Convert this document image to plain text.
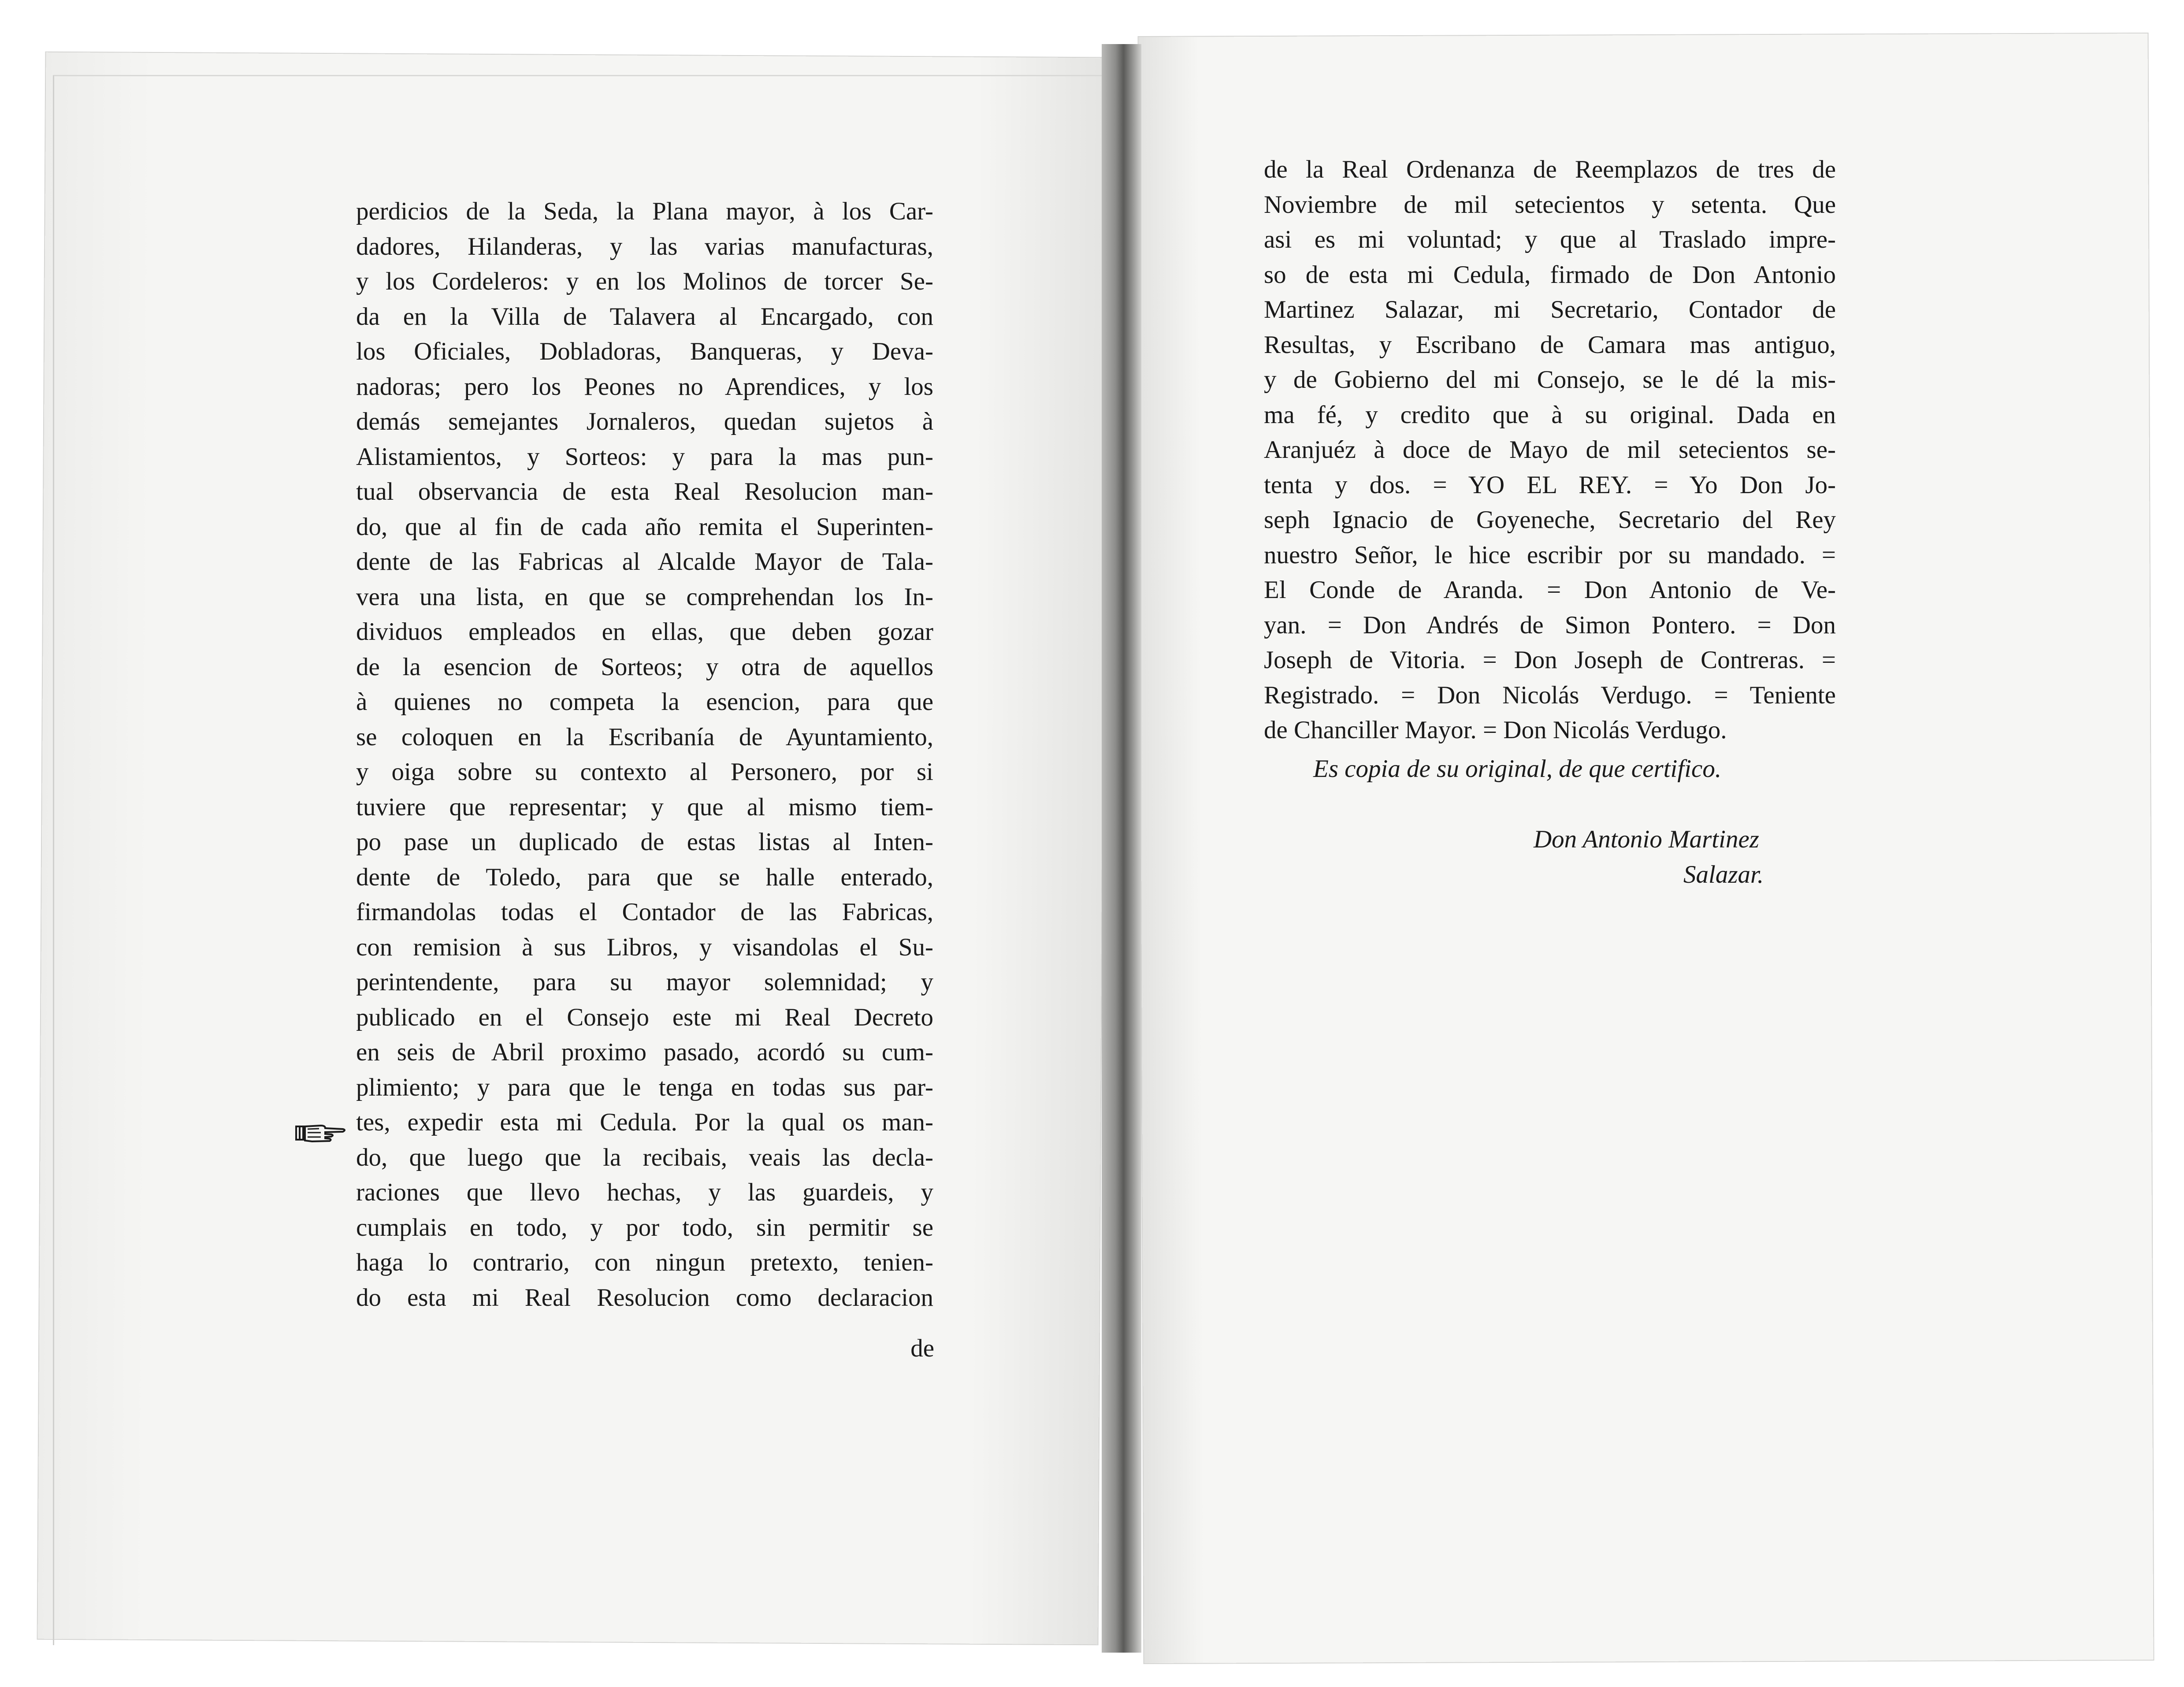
perdicios de la Seda, la Plana mayor, à los Car-
dadores, Hilanderas, y las varias manufacturas,
y los Cordeleros: y en los Molinos de torcer Se-
da en la Villa de Talavera al Encargado, con
los Oficiales, Dobladoras, Banqueras, y Deva-
nadoras; pero los Peones no Aprendices, y los
demás semejantes Jornaleros, quedan sujetos à
Alistamientos, y Sorteos: y para la mas pun-
tual observancia de esta Real Resolucion man-
do, que al fin de cada año remita el Superinten-
dente de las Fabricas al Alcalde Mayor de Tala-
vera una lista, en que se comprehendan los In-
dividuos empleados en ellas, que deben gozar
de la esencion de Sorteos; y otra de aquellos
à quienes no competa la esencion, para que
se coloquen en la Escribanía de Ayuntamiento,
y oiga sobre su contexto al Personero, por si
tuviere que representar; y que al mismo tiem-
po pase un duplicado de estas listas al Inten-
dente de Toledo, para que se halle enterado,
firmandolas todas el Contador de las Fabricas,
con remision à sus Libros, y visandolas el Su-
perintendente, para su mayor solemnidad; y
publicado en el Consejo este mi Real Decreto
en seis de Abril proximo pasado, acordó su cum-
plimiento; y para que le tenga en todas sus par-
tes, expedir esta mi Cedula. Por la qual os man-
do, que luego que la recibais, veais las decla-
raciones que llevo hechas, y las guardeis, y
cumplais en todo, y por todo, sin permitir se
haga lo contrario, con ningun pretexto, tenien-
do esta mi Real Resolucion como declaracion
de
de la Real Ordenanza de Reemplazos de tres de
Noviembre de mil setecientos y setenta. Que
asi es mi voluntad; y que al Traslado impre-
so de esta mi Cedula, firmado de Don Antonio
Martinez Salazar, mi Secretario, Contador de
Resultas, y Escribano de Camara mas antiguo,
y de Gobierno del mi Consejo, se le dé la mis-
ma fé, y credito que à su original. Dada en
Aranjuéz à doce de Mayo de mil setecientos se-
tenta y dos. = YO EL REY. = Yo Don Jo-
seph Ignacio de Goyeneche, Secretario del Rey
nuestro Señor, le hice escribir por su mandado. =
El Conde de Aranda. = Don Antonio de Ve-
yan. = Don Andrés de Simon Pontero. = Don
Joseph de Vitoria. = Don Joseph de Contreras. =
Registrado. = Don Nicolás Verdugo. = Teniente
de Chanciller Mayor. = Don Nicolás Verdugo.
Es copia de su original, de que certifico.
Don Antonio Martinez
Salazar.
